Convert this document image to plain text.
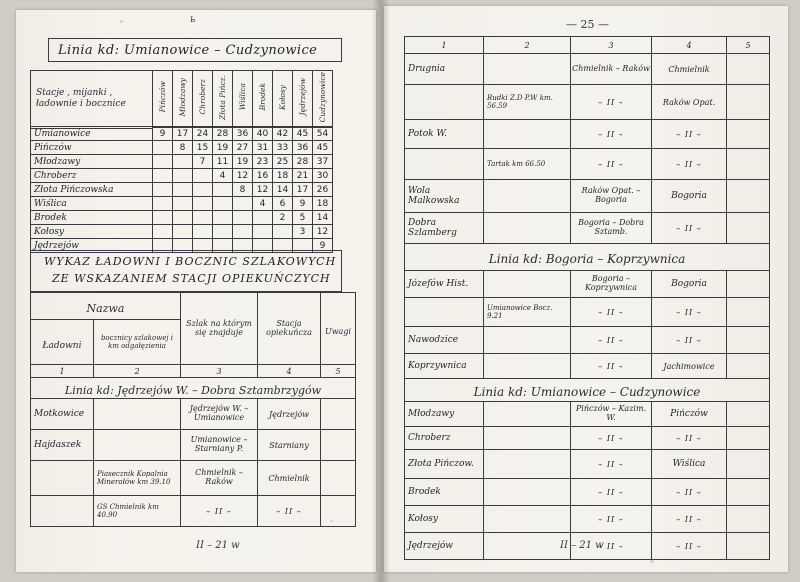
ь	— 25 —
Linia kd: Umianowice – Cudzynowice
Stacje , mijanki , ładownie i bocznice	Pińczów	Młodzawy	Chroberz	Złota Pińcz.	Wiślica	Brodek	Kołosy	Jędrzejów	Cudzynowice

Umianowice	9	17	24	28	36	40	42	45	54
Pińczów		8	15	19	27	31	33	36	45
Młodzawy			7	11	19	23	25	28	37
Chroberz				4	12	16	18	21	30
Złota Pińczowska					8	12	14	17	26
Wiślica						4	6	9	18
Brodek							2	5	14
Kołosy								3	12
Jędrzejów									9
WYKAZ ŁADOWNI I BOCZNIC SZLAKOWYCH
ZE WSKAZANIEM STACJI OPIEKUŃCZYCH
Nazwa		Szlak na którym się znajduje	Stacja opiekuńcza	Uwagi
Ładowni	bocznicy szlakowej i km odgałęzienia			

1	2	3	4	5
Linia kd: Jędrzejów W. – Dobra Sztambrzygów				
Motkowice		Jędrzejów W. – Umianowice	Jędrzejów	
Hajdaszek		Umianowice – Starniany P.	Starniany	
	Piasecznik Kopalnia Minerałów km 39.10	Chmielnik – Raków	Chmielnik	
	GS Chmielnik km 40.90	– II –	– II –	
II – 21 w
1	2	3	4	5
Drugnia		Chmielnik – Raków	Chmielnik	
	Rudki Z.D P.W km. 56.59	– II –	Raków Opat.	
Potok W.		– II –	– II –	
	Tartak km 66.50	– II –	– II –	
Wola Malkowska		Raków Opat. – Bogoria	Bogoria	
Dobra Szlamberg		Bogoria – Dobra Sztamb.	– II –	
Linia kd: Bogoria – Koprzywnica				
Józefów Hist.		Bogoria – Koprzywnica	Bogoria	
	Umianowice Bocz. 9.21	– II –	– II –	
Nawodzice		– II –	– II –	
Koprzywnica		– II –	Jachimowice	
Linia kd: Umianowice – Cudzynowice				
Młodzawy		Pińczów – Kazim. W.	Pińczów	
Chroberz		– II –	– II –	
Złota Pińczow.		– II –	Wiślica	
Brodek		– II –	– II –	
Kołosy		– II –	– II –	
Jędrzejów		– II –	– II –	
II – 21 w
